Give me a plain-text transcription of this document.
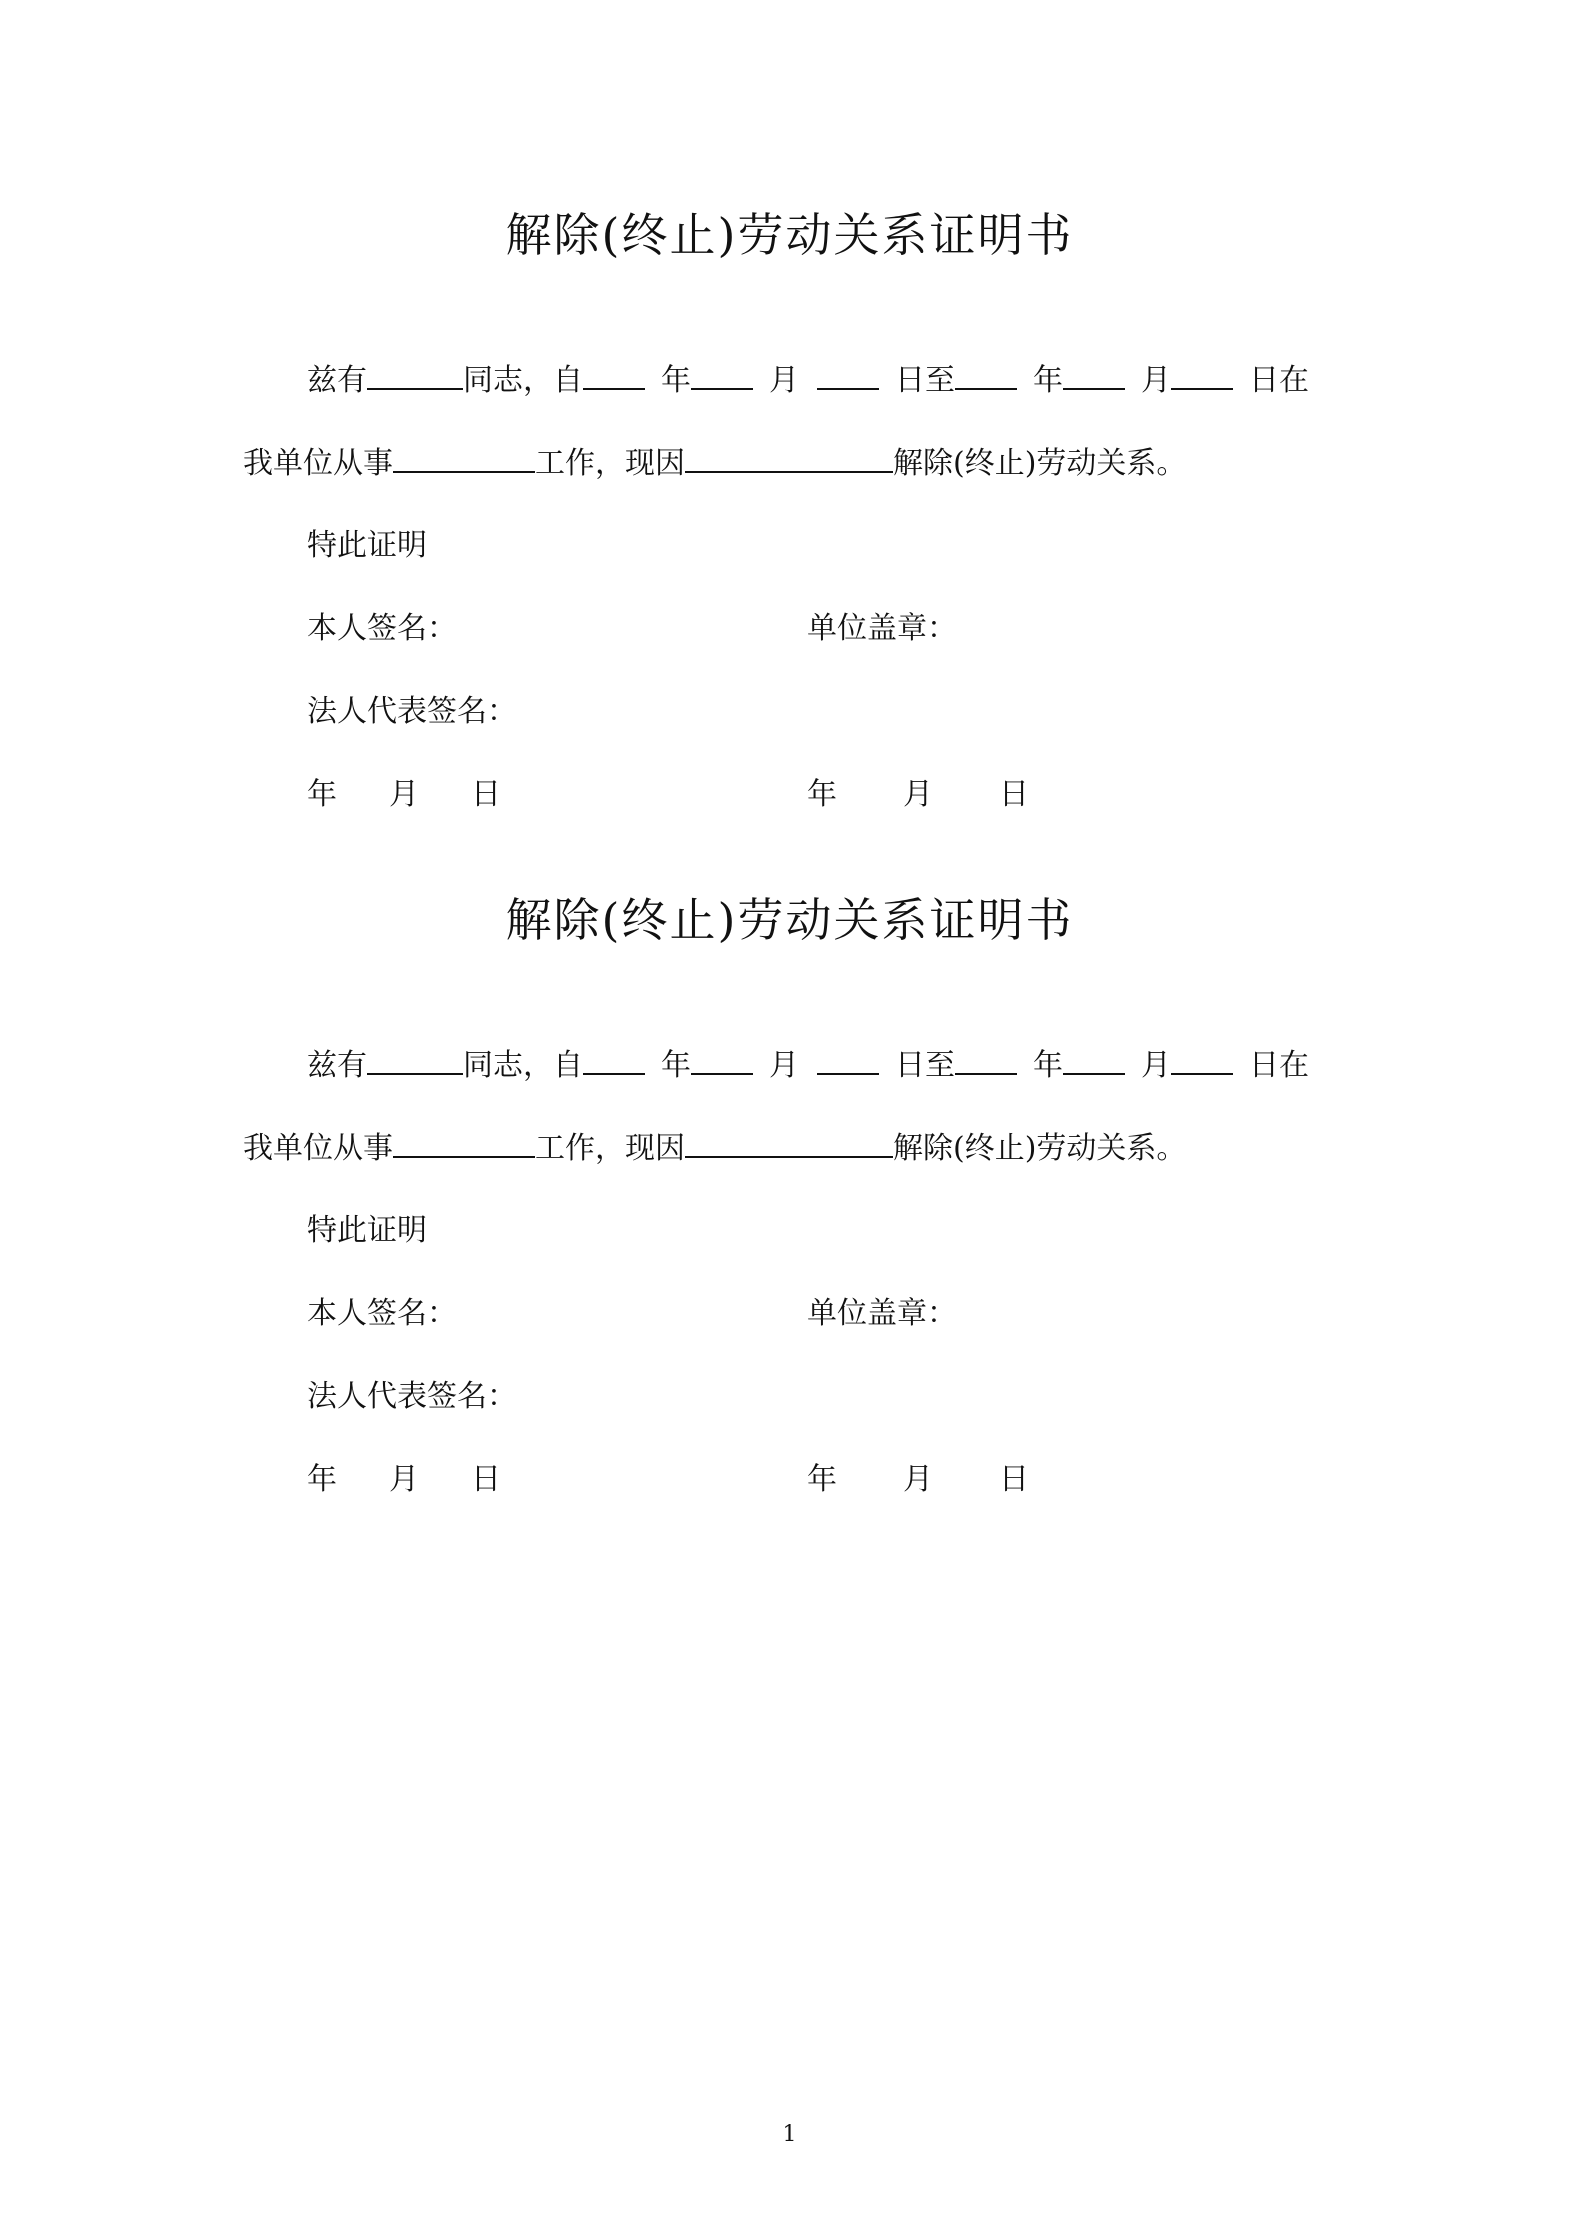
解除(终止)劳动关系证明书
兹有	同志，自	年	月	日至	年	月	日在
我单位从事	工作，现因	解除(终止)劳动关系。
特此证明
本人签名：	单位盖章：
法人代表签名：
年 月 日	年 月 日
解除(终止)劳动关系证明书
兹有	同志，自	年	月	日至	年	月	日在
我单位从事	工作，现因	解除(终止)劳动关系。
特此证明
本人签名：	单位盖章：
法人代表签名：
年 月 日	年 月 日
1
